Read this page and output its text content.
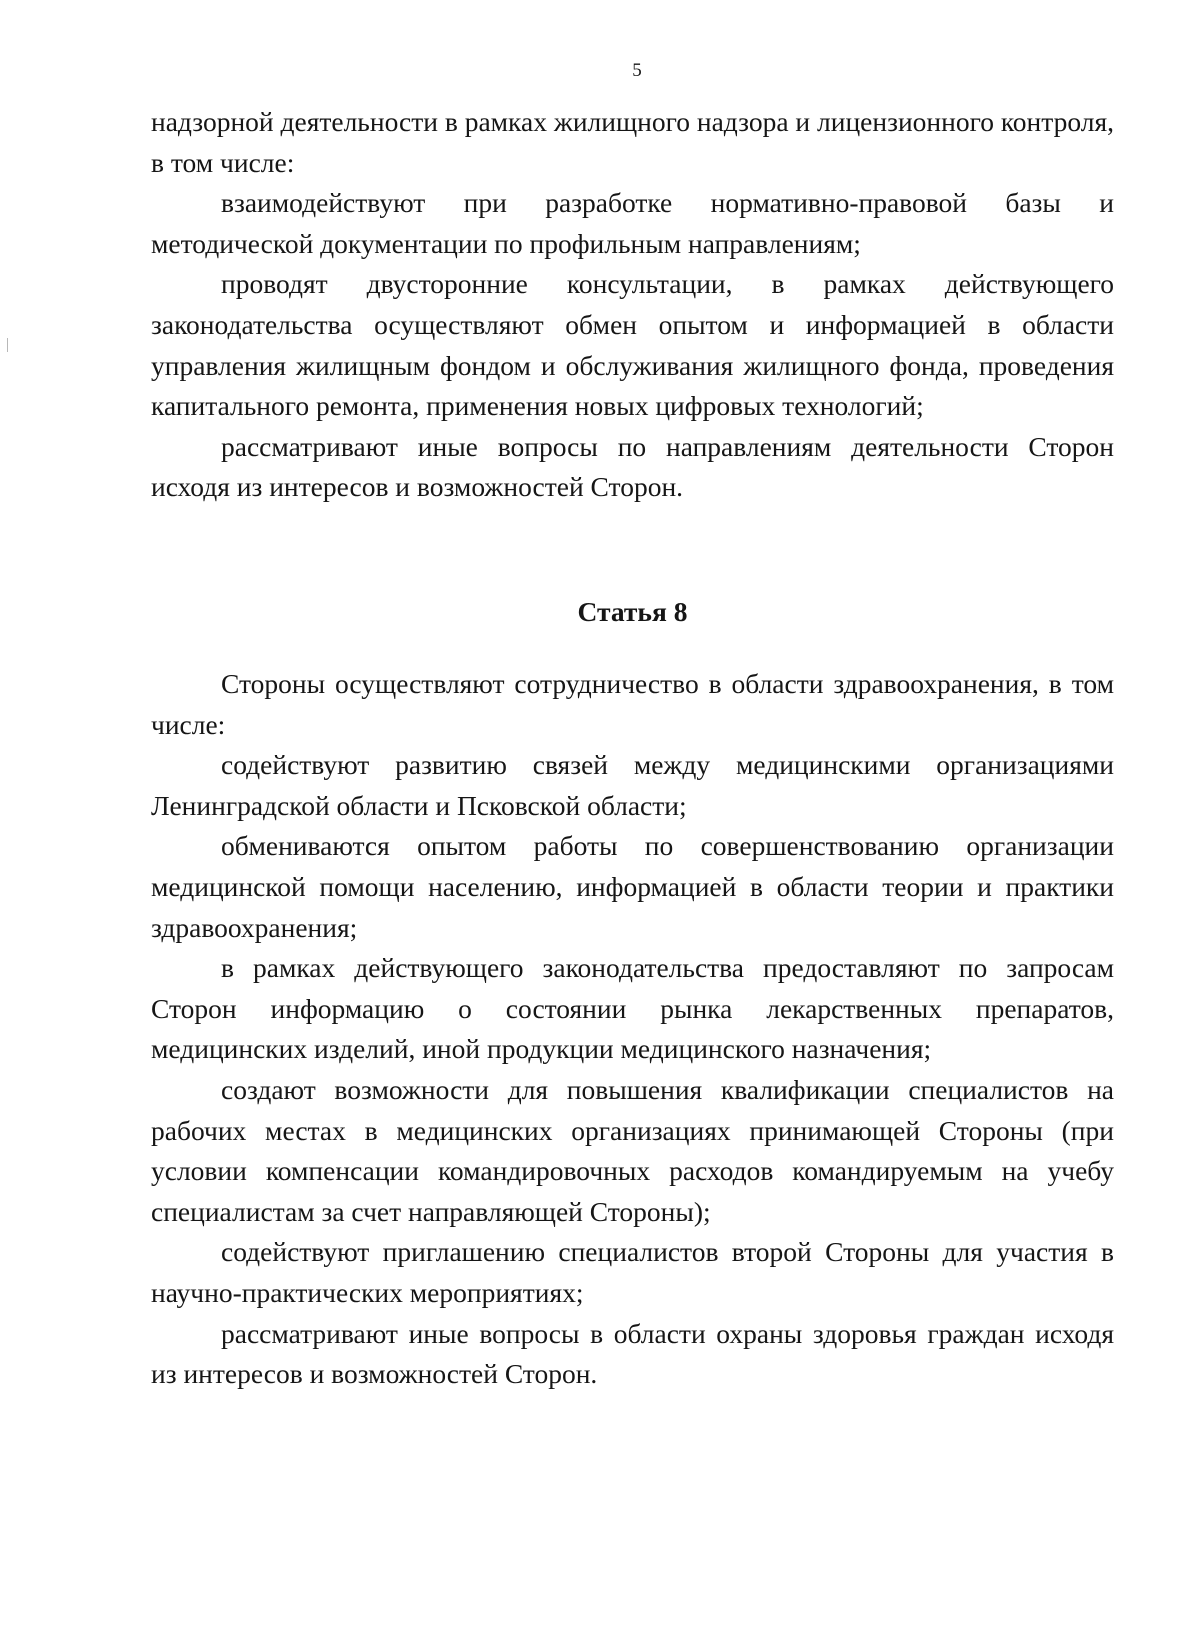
5

надзорной деятельности в рамках жилищного надзора и лицензионного контроля, в том числе:

взаимодействуют при разработке нормативно-правовой базы и методической документации по профильным направлениям;

проводят двусторонние консультации, в рамках действующего законодательства осуществляют обмен опытом и информацией в области управления жилищным фондом и обслуживания жилищного фонда, проведения капитального ремонта, применения новых цифровых технологий;

рассматривают иные вопросы по направлениям деятельности Сторон исходя из интересов и возможностей Сторон.

Статья 8

Стороны осуществляют сотрудничество в области здравоохранения, в том числе:

содействуют развитию связей между медицинскими организациями Ленинградской области и Псковской области;

обмениваются опытом работы по совершенствованию организации медицинской помощи населению, информацией в области теории и практики здравоохранения;

в рамках действующего законодательства предоставляют по запросам Сторон информацию о состоянии рынка лекарственных препаратов, медицинских изделий, иной продукции медицинского назначения;

создают возможности для повышения квалификации специалистов на рабочих местах в медицинских организациях принимающей Стороны (при условии компенсации командировочных расходов командируемым на учебу специалистам за счет направляющей Стороны);

содействуют приглашению специалистов второй Стороны для участия в научно-практических мероприятиях;

рассматривают иные вопросы в области охраны здоровья граждан исходя из интересов и возможностей Сторон.
